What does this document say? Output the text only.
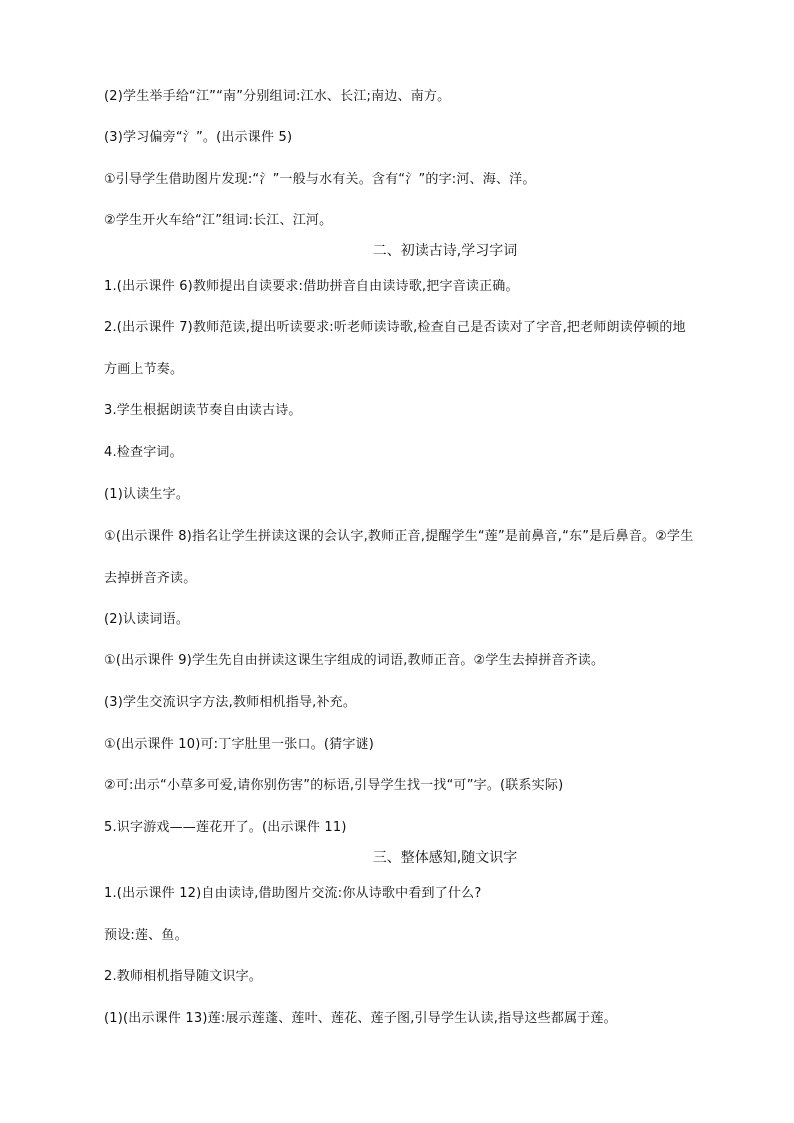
(2)学生举手给“江”“南”分别组词:江水、长江;南边、南方。
(3)学习偏旁“氵”。(出示课件 5)
①引导学生借助图片发现:“氵”一般与水有关。含有“氵”的字:河、海、洋。
②学生开火车给“江”组词:长江、江河。
二、初读古诗,学习字词
1.(出示课件 6)教师提出自读要求:借助拼音自由读诗歌,把字音读正确。
2.(出示课件 7)教师范读,提出听读要求:听老师读诗歌,检查自己是否读对了字音,把老师朗读停顿的地
方画上节奏。
3.学生根据朗读节奏自由读古诗。
4.检查字词。
(1)认读生字。
①(出示课件 8)指名让学生拼读这课的会认字,教师正音,提醒学生“莲”是前鼻音,“东”是后鼻音。②学生
去掉拼音齐读。
(2)认读词语。
①(出示课件 9)学生先自由拼读这课生字组成的词语,教师正音。②学生去掉拼音齐读。
(3)学生交流识字方法,教师相机指导,补充。
①(出示课件 10)可:丁字肚里一张口。(猜字谜)
②可:出示“小草多可爱,请你别伤害”的标语,引导学生找一找“可”字。(联系实际)
5.识字游戏——莲花开了。(出示课件 11)
三、整体感知,随文识字
1.(出示课件 12)自由读诗,借助图片交流:你从诗歌中看到了什么?
预设:莲、鱼。
2.教师相机指导随文识字。
(1)(出示课件 13)莲:展示莲蓬、莲叶、莲花、莲子图,引导学生认读,指导这些都属于莲。
